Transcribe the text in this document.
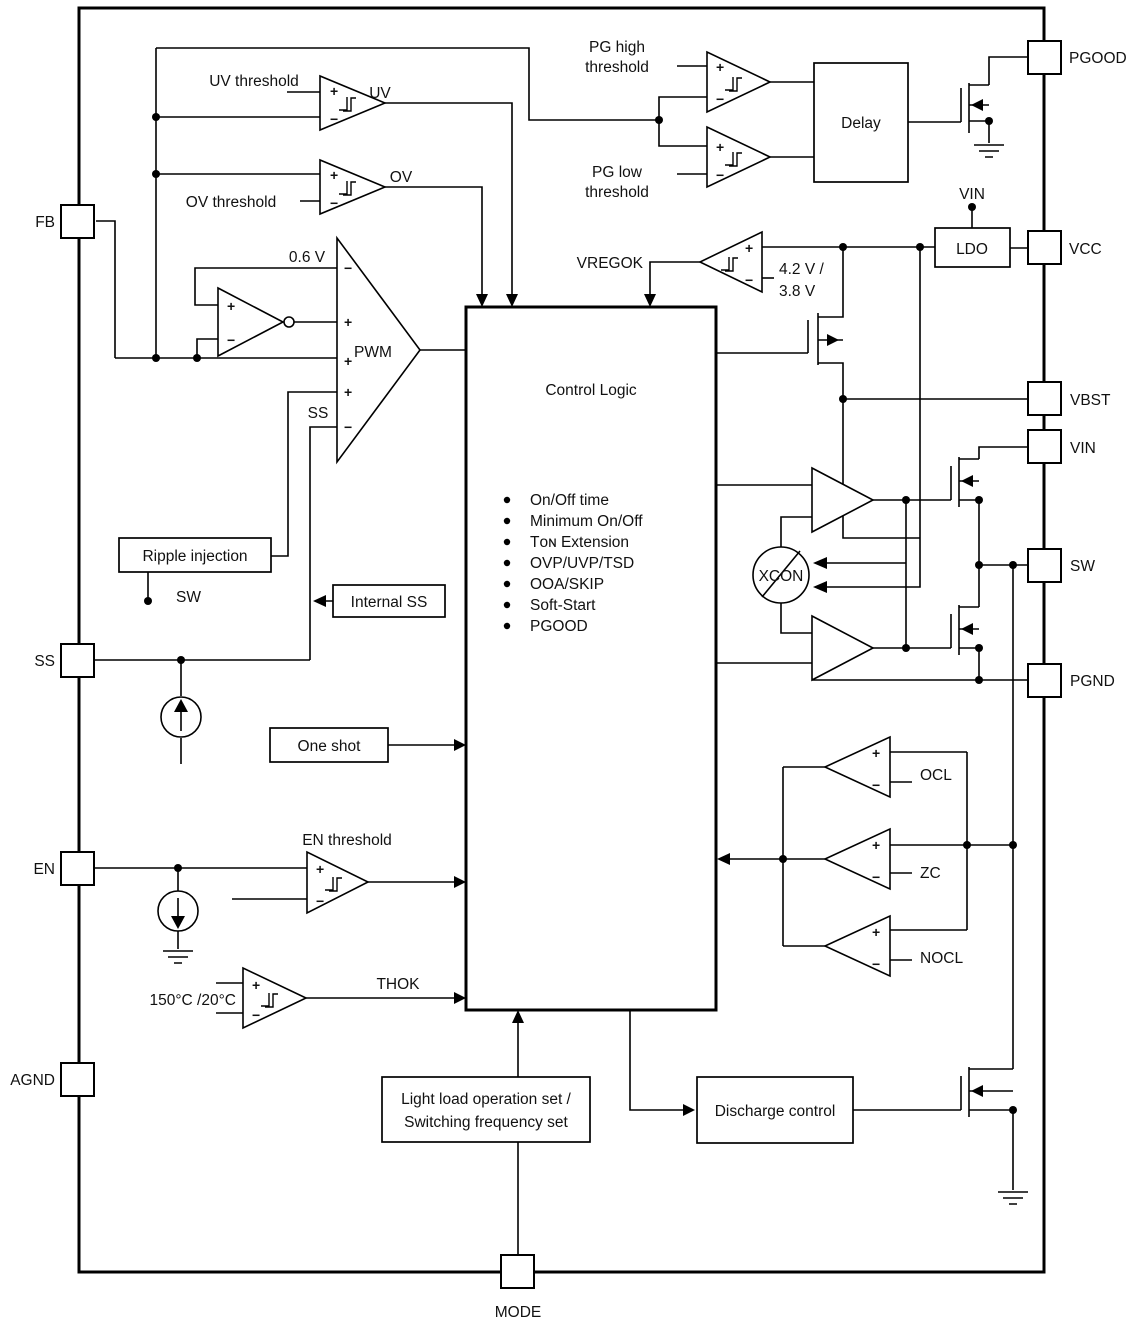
+
−
+
−
+
−
+
−
+
−
+
−
+
−
+
−
+
−
+
−
+
−
−
+
+
+
−
PWM
XCON
Delay
LDO
Control Logic
On/Off time
Minimum On/Off
Tᴏɴ Extension
OVP/UVP/TSD
OOA/SKIP
Soft-Start
PGOOD
Ripple injection
Internal SS
One shot
Light load operation set /
Switching frequency set
Discharge control
FB
SS
EN
AGND
MODE
PGOOD
VCC
VBST
VIN
SW
PGND
UV threshold
UV
OV threshold
OV
PG high
threshold
PG low
threshold	VIN
VREGOK	4.2 V /
3.8 V
0.6 V
SS
SW
EN threshold
150°C /20°C
THOK
OCL
ZC
NOCL
